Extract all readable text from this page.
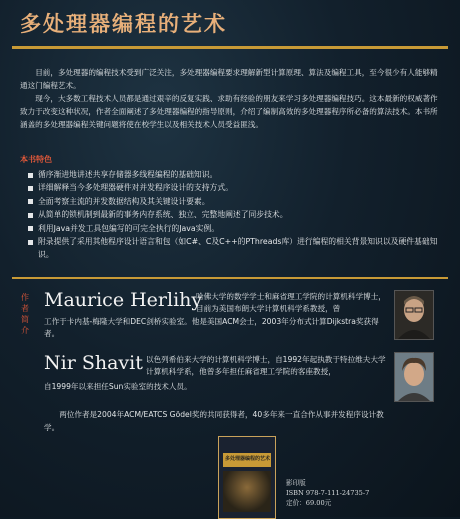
多处理器编程的艺术

目前，多处理器的编程技术受到广泛关注，多处理器编程要求理解新型计算原理、算法及编程工具，至今很少有人能够精通这门编程艺术。

现今，大多数工程技术人员都是通过艰辛的反复实践、求助有经验的朋友来学习多处理器编程技巧。这本最新的权威著作致力于改变这种状况，作者全面阐述了多处理器编程的指导原则，介绍了编制高效的多处理器程序所必备的算法技术。本书所涵盖的多处理器编程关键问题将使在校学生以及相关技术人员受益匪浅。

本书特色
循序渐进地讲述共享存储器多线程编程的基础知识。
详细解释当今多处理器硬件对并发程序设计的支持方式。
全面考察主流的并发数据结构及其关键设计要素。
从简单的锁机制到最新的事务内存系统、独立、完整地阐述了同步技术。
利用Java并发工具包编写的可完全执行的Java实例。
附录提供了采用其他程序设计语言和包（如C#、C及C++的PThreads库）进行编程的相关背景知识以及硬件基础知识。
作
者
简
介
Maurice Herlihy
哈佛大学的数学学士和麻省理工学院的计算机科学博士，目前为美国布朗大学计算机科学系教授，曾
工作于卡内基-梅隆大学和DEC剑桥实验室。他是美国ACM会士，2003年分布式计算Dijkstra奖获得者。
Nir Shavit 以色列希伯来大学的计算机科学博士，自1992年起执教于特拉维夫大学计算机科学系，他曾多年担任麻省理工学院的客座教授，
自1999年以来担任Sun实验室的技术人员。
两位作者是2004年ACM/EATCS Gödel奖的共同获得者，40多年来一直合作从事并发程序设计教学。
多处理器编程的艺术
影印版
ISBN 978-7-111-24735-7
定价：69.00元
